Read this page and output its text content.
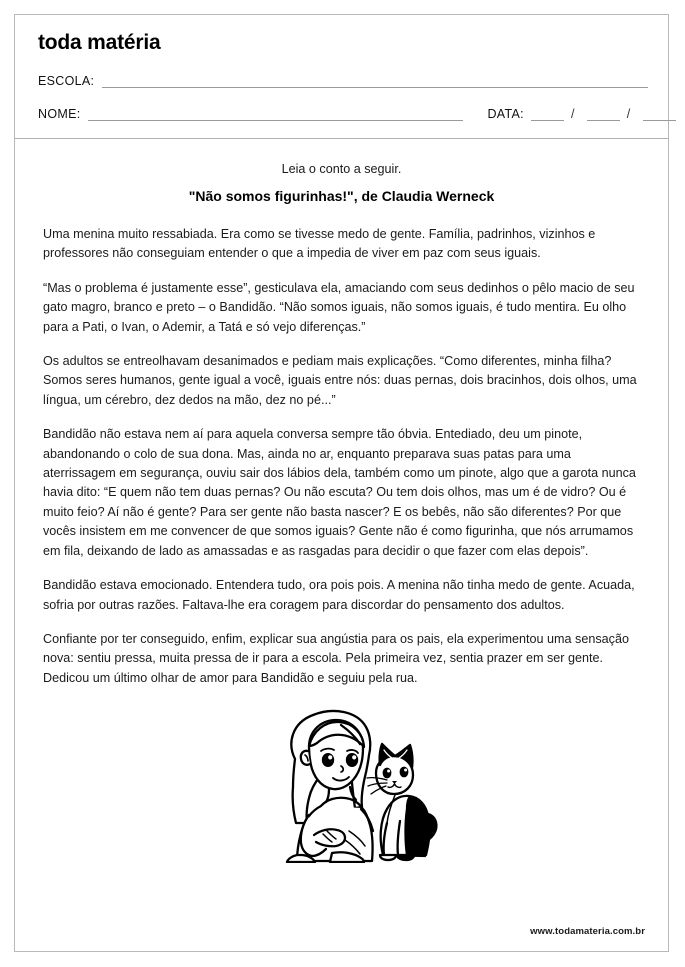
toda matéria
ESCOLA:
NOME:	DATA:	/	/

Leia o conto a seguir.

"Não somos figurinhas!", de Claudia Werneck

Uma menina muito ressabiada. Era como se tivesse medo de gente. Família, padrinhos, vizinhos e professores não conseguiam entender o que a impedia de viver em paz com seus iguais.

“Mas o problema é justamente esse”, gesticulava ela, amaciando com seus dedinhos o pêlo macio de seu gato magro, branco e preto – o Bandidão. “Não somos iguais, não somos iguais, é tudo mentira. Eu olho para a Pati, o Ivan, o Ademir, a Tatá e só vejo diferenças.”

Os adultos se entreolhavam desanimados e pediam mais explicações. “Como diferentes, minha filha? Somos seres humanos, gente igual a você, iguais entre nós: duas pernas, dois bracinhos, dois olhos, uma língua, um cérebro, dez dedos na mão, dez no pé...”

Bandidão não estava nem aí para aquela conversa sempre tão óbvia. Entediado, deu um pinote, abandonando o colo de sua dona. Mas, ainda no ar, enquanto preparava suas patas para uma aterrissagem em segurança, ouviu sair dos lábios dela, também como um pinote, algo que a garota nunca havia dito: “E quem não tem duas pernas? Ou não escuta? Ou tem dois olhos, mas um é de vidro? Ou é muito feio? Aí não é gente? Para ser gente não basta nascer? E os bebês, não são diferentes? Por que vocês insistem em me convencer de que somos iguais? Gente não é como figurinha, que nós arrumamos em fila, deixando de lado as amassadas e as rasgadas para decidir o que fazer com elas depois”.

Bandidão estava emocionado. Entendera tudo, ora pois pois. A menina não tinha medo de gente. Acuada, sofria por outras razões. Faltava-lhe era coragem para discordar do pensamento dos adultos.

Confiante por ter conseguido, enfim, explicar sua angústia para os pais, ela experimentou uma sensação nova: sentiu pressa, muita pressa de ir para a escola. Pela primeira vez, sentia prazer em ser gente. Dedicou um último olhar de amor para Bandidão e seguiu pela rua.

www.todamateria.com.br
